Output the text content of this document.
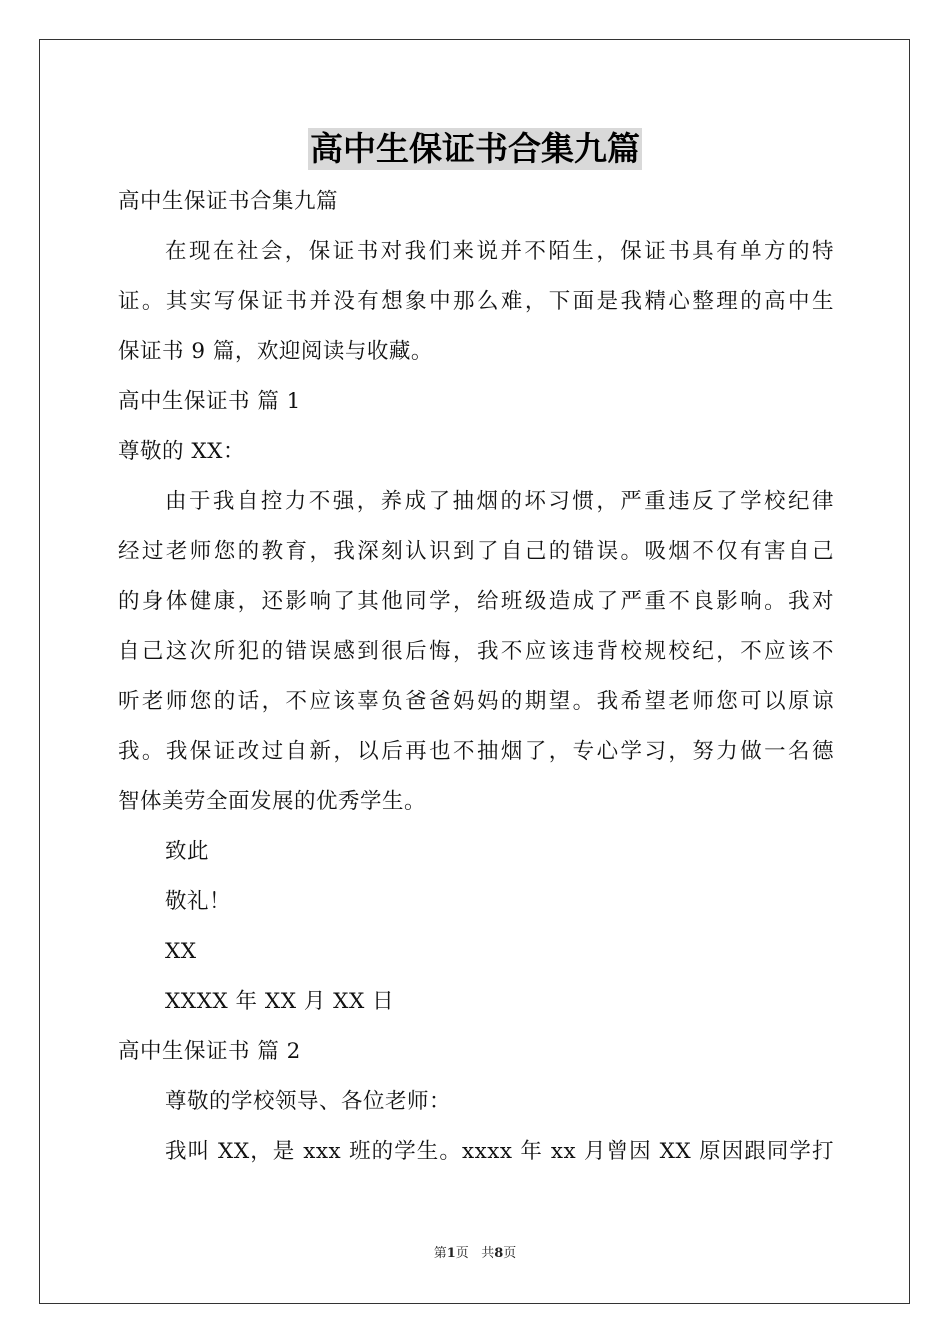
高中生保证书合集九篇
高中生保证书合集九篇
在现在社会，保证书对我们来说并不陌生，保证书具有单方的特
证。其实写保证书并没有想象中那么难，下面是我精心整理的高中生
保证书 9 篇，欢迎阅读与收藏。
高中生保证书 篇 1
尊敬的 XX：
由于我自控力不强，养成了抽烟的坏习惯，严重违反了学校纪律
经过老师您的教育，我深刻认识到了自己的错误。吸烟不仅有害自己
的身体健康，还影响了其他同学，给班级造成了严重不良影响。我对
自己这次所犯的错误感到很后悔，我不应该违背校规校纪，不应该不
听老师您的话，不应该辜负爸爸妈妈的期望。我希望老师您可以原谅
我。我保证改过自新，以后再也不抽烟了，专心学习，努力做一名德
智体美劳全面发展的优秀学生。
致此
敬礼！
XX
XXXX 年 XX 月 XX 日
高中生保证书 篇 2
尊敬的学校领导、各位老师：
我叫 XX，是 xxx 班的学生。xxxx 年 xx 月曾因 XX 原因跟同学打
第1页 共8页
